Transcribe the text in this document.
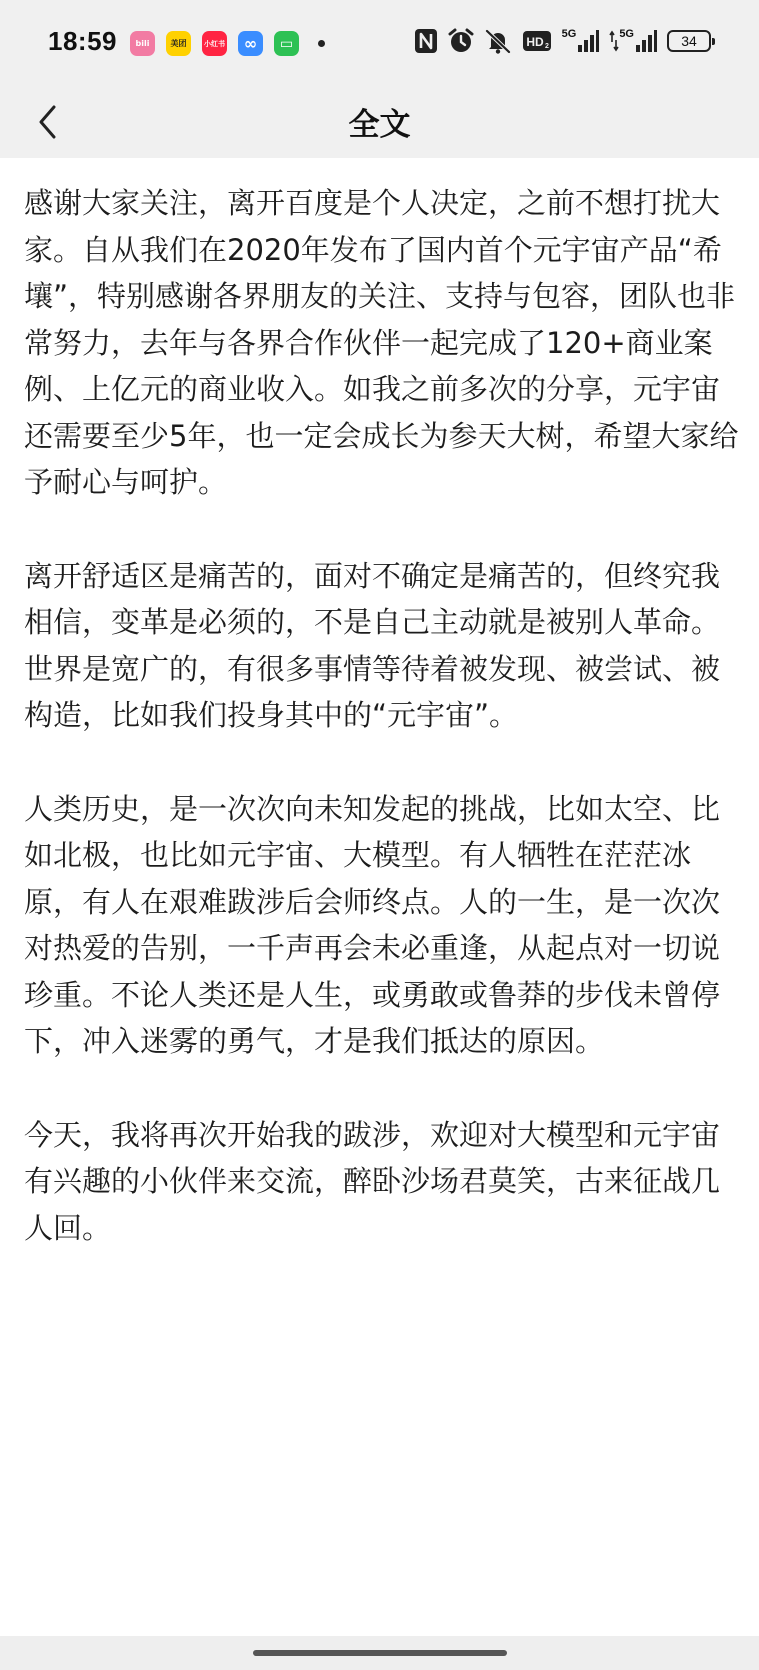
18:59 bili	美团	小红书 ∞ ▭	HD 2
5G	5G	34
全文

感谢大家关注，离开百度是个人决定，之前不想打扰大家。自从我们在2020年发布了国内首个元宇宙产品“希壤”，特别感谢各界朋友的关注、支持与包容，团队也非常努力，去年与各界合作伙伴一起完成了120+商业案例、上亿元的商业收入。如我之前多次的分享，元宇宙还需要至少5年，也一定会成长为参天大树，希望大家给予耐心与呵护。

离开舒适区是痛苦的，面对不确定是痛苦的，但终究我相信，变革是必须的，不是自己主动就是被别人革命。世界是宽广的，有很多事情等待着被发现、被尝试、被构造，比如我们投身其中的“元宇宙”。

人类历史，是一次次向未知发起的挑战，比如太空、比如北极，也比如元宇宙、大模型。有人牺牲在茫茫冰原，有人在艰难跋涉后会师终点。人的一生，是一次次对热爱的告别，一千声再会未必重逢，从起点对一切说珍重。不论人类还是人生，或勇敢或鲁莽的步伐未曾停下，冲入迷雾的勇气，才是我们抵达的原因。

今天，我将再次开始我的跋涉，欢迎对大模型和元宇宙有兴趣的小伙伴来交流，醉卧沙场君莫笑，古来征战几人回。
